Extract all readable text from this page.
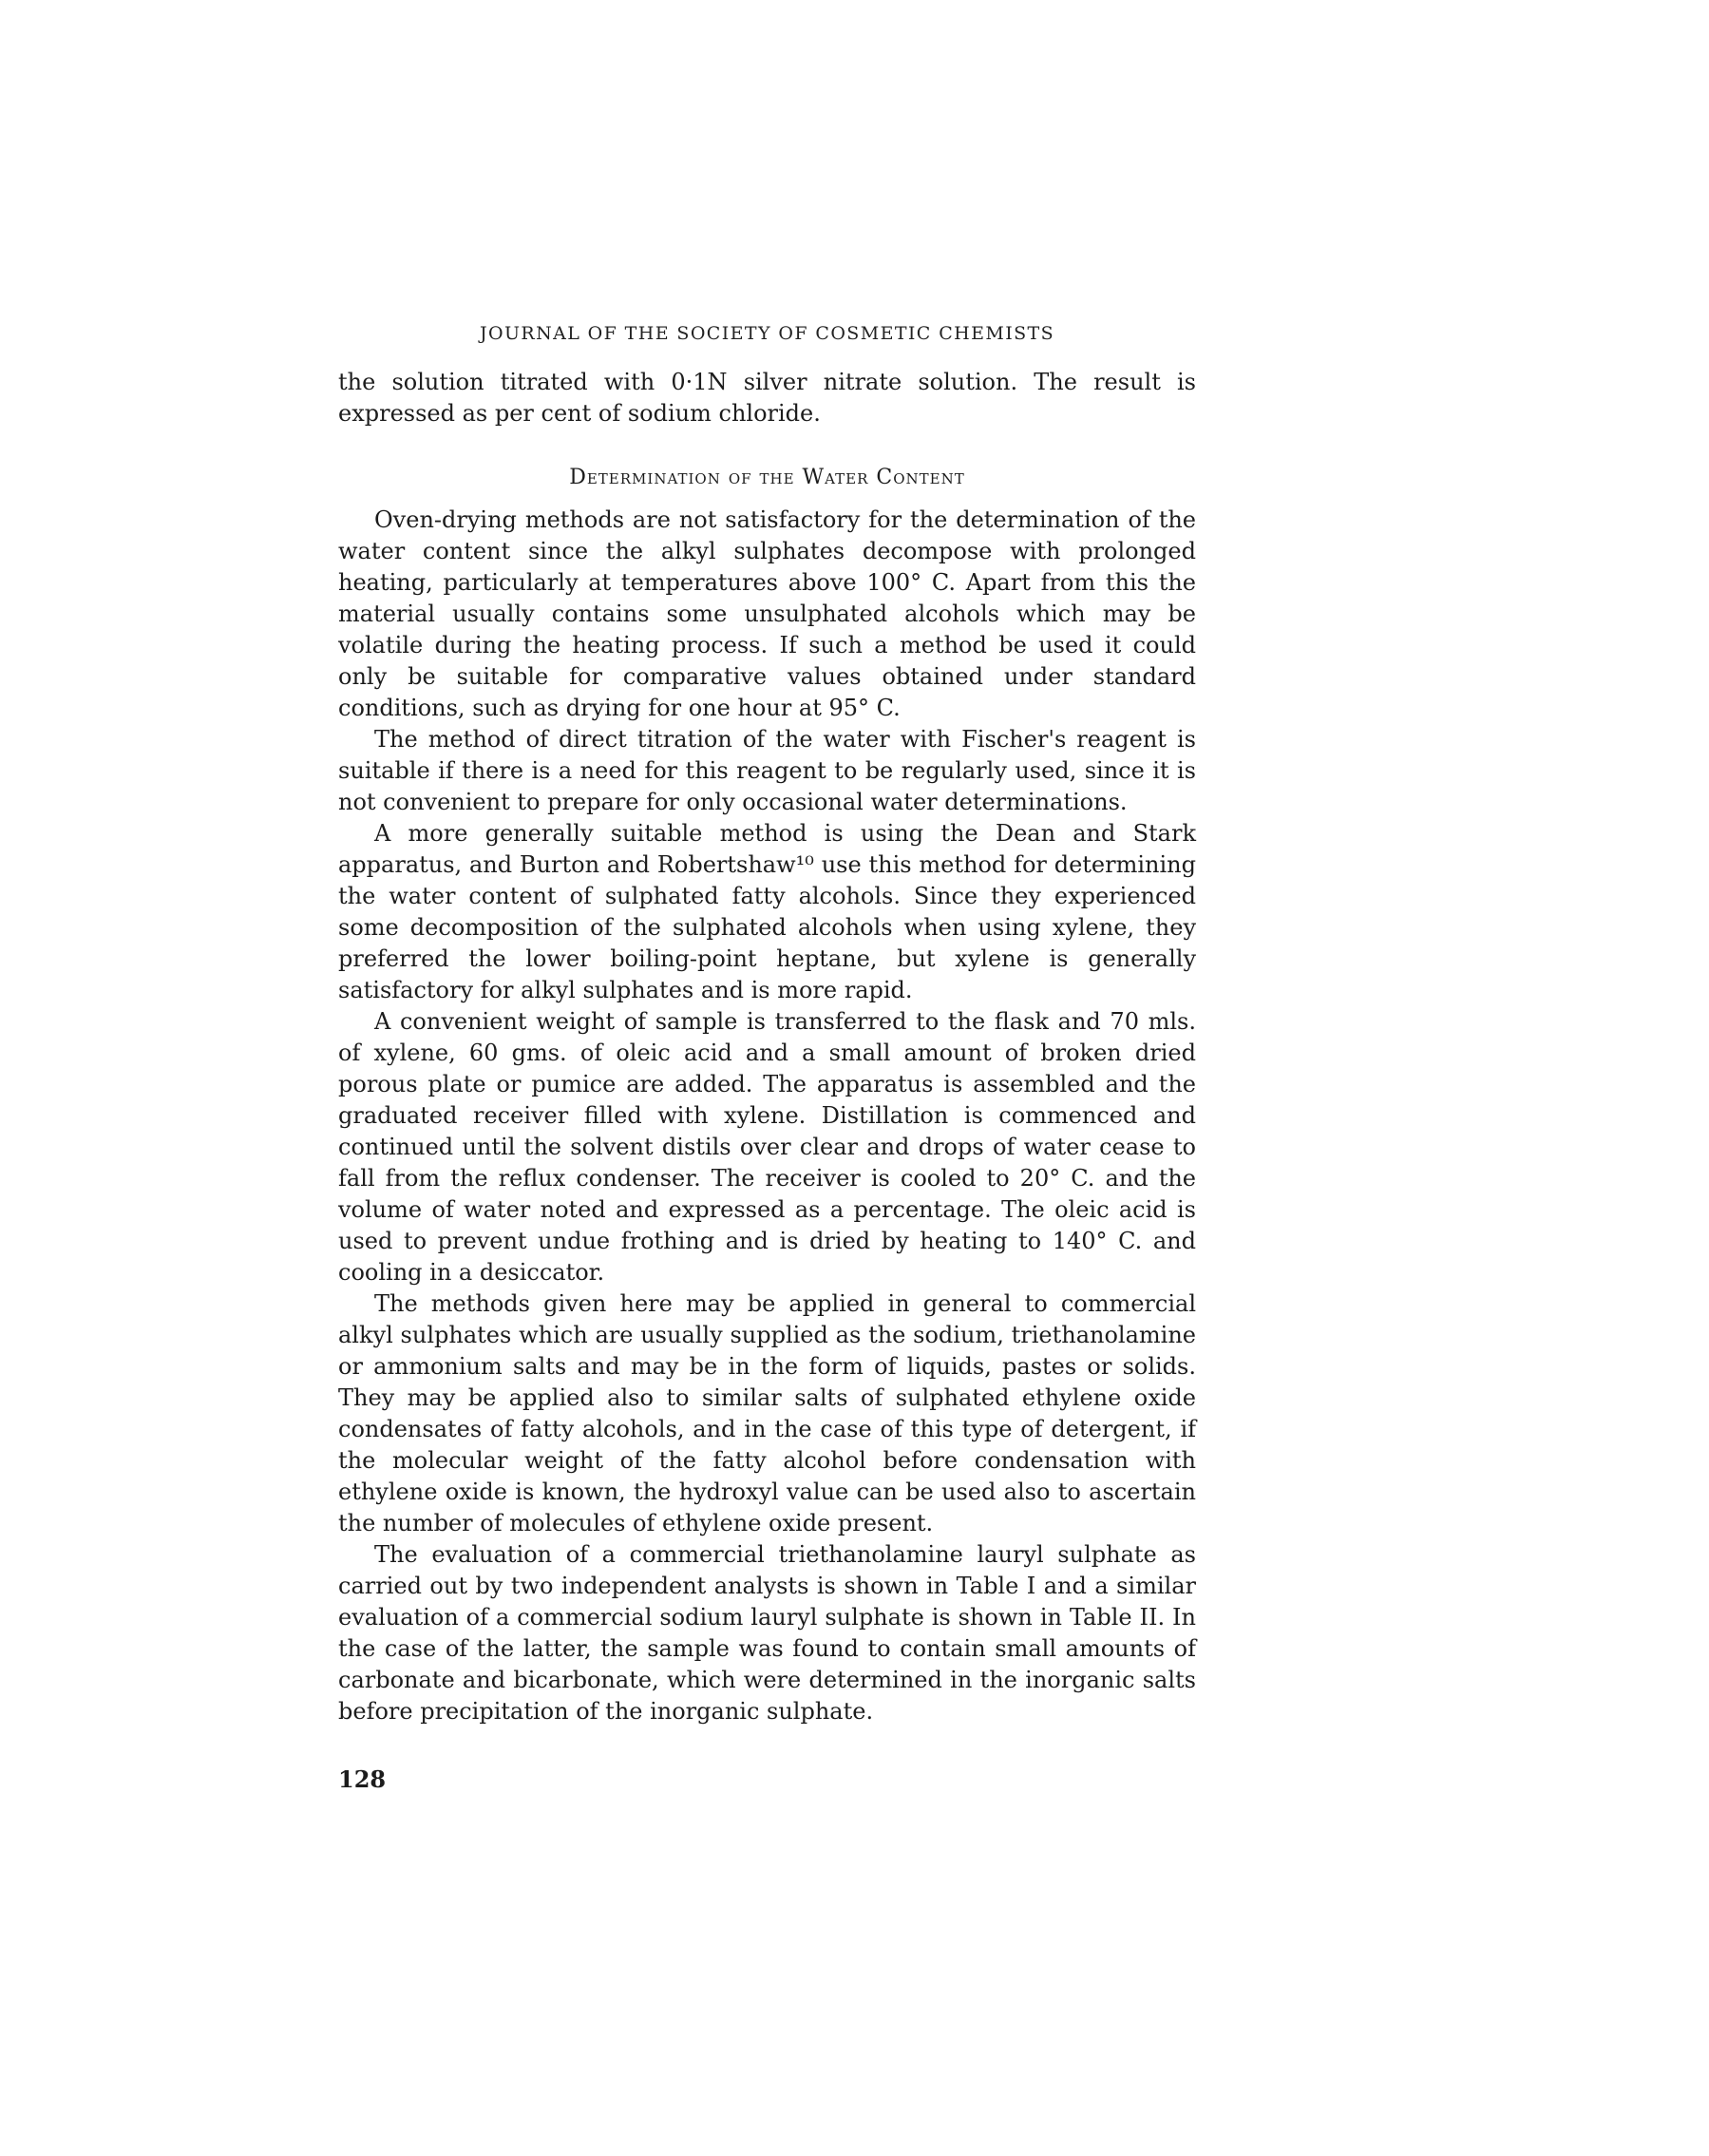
JOURNAL OF THE SOCIETY OF COSMETIC CHEMISTS

the solution titrated with 0·1N silver nitrate solution. The result is expressed as per cent of sodium chloride.

Determination of the Water Content

Oven-drying methods are not satisfactory for the determination of the water content since the alkyl sulphates decompose with prolonged heating, particularly at temperatures above 100° C. Apart from this the material usually contains some unsulphated alcohols which may be volatile during the heating process. If such a method be used it could only be suitable for comparative values obtained under standard conditions, such as drying for one hour at 95° C.

The method of direct titration of the water with Fischer's reagent is suitable if there is a need for this reagent to be regularly used, since it is not convenient to prepare for only occasional water determinations.

A more generally suitable method is using the Dean and Stark apparatus, and Burton and Robertshaw¹⁰ use this method for determining the water content of sulphated fatty alcohols. Since they experienced some decomposition of the sulphated alcohols when using xylene, they preferred the lower boiling-point heptane, but xylene is generally satisfactory for alkyl sulphates and is more rapid.

A convenient weight of sample is transferred to the flask and 70 mls. of xylene, 60 gms. of oleic acid and a small amount of broken dried porous plate or pumice are added. The apparatus is assembled and the graduated receiver filled with xylene. Distillation is commenced and continued until the solvent distils over clear and drops of water cease to fall from the reflux condenser. The receiver is cooled to 20° C. and the volume of water noted and expressed as a percentage. The oleic acid is used to prevent undue frothing and is dried by heating to 140° C. and cooling in a desiccator.

The methods given here may be applied in general to commercial alkyl sulphates which are usually supplied as the sodium, triethanolamine or ammonium salts and may be in the form of liquids, pastes or solids. They may be applied also to similar salts of sulphated ethylene oxide condensates of fatty alcohols, and in the case of this type of detergent, if the molecular weight of the fatty alcohol before condensation with ethylene oxide is known, the hydroxyl value can be used also to ascertain the number of molecules of ethylene oxide present.

The evaluation of a commercial triethanolamine lauryl sulphate as carried out by two independent analysts is shown in Table I and a similar evaluation of a commercial sodium lauryl sulphate is shown in Table II. In the case of the latter, the sample was found to contain small amounts of carbonate and bicarbonate, which were determined in the inorganic salts before precipitation of the inorganic sulphate.

128
